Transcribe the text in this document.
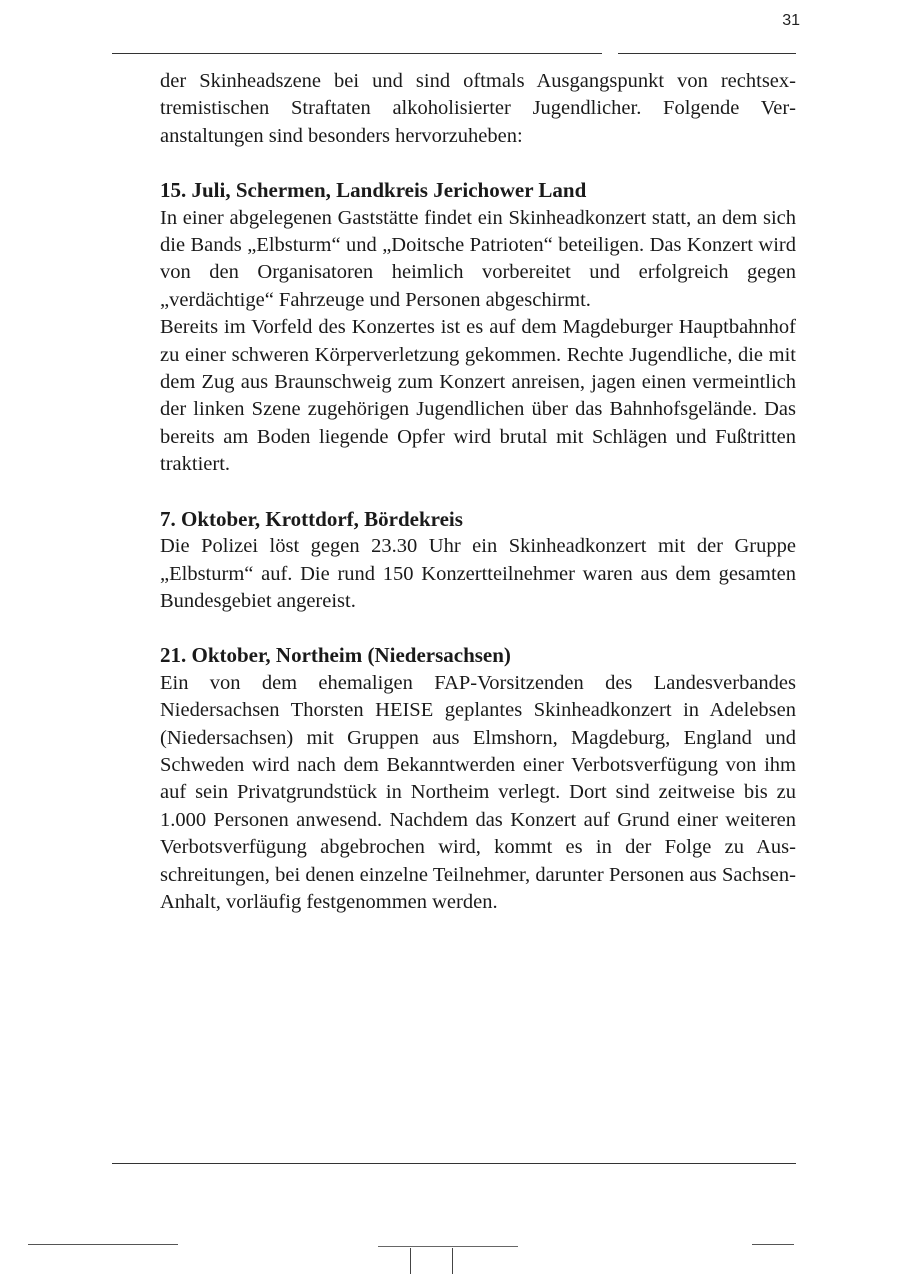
31

der Skinheadszene bei und sind oftmals Ausgangspunkt von rechtsextremistischen Straftaten alkoholisierter Jugendlicher. Folgende Veranstaltungen sind besonders hervorzuheben:

15. Juli, Schermen, Landkreis Jerichower Land

In einer abgelegenen Gaststätte findet ein Skinheadkonzert statt, an dem sich die Bands „Elbsturm“ und „Doitsche Patrioten“ beteiligen. Das Konzert wird von den Organisatoren heimlich vorbereitet und erfolgreich gegen „verdächtige“ Fahrzeuge und Personen abgeschirmt.

Bereits im Vorfeld des Konzertes ist es auf dem Magdeburger Hauptbahnhof zu einer schweren Körperverletzung gekommen. Rechte Jugendliche, die mit dem Zug aus Braunschweig zum Konzert anreisen, jagen einen vermeintlich der linken Szene zugehörigen Jugendlichen über das Bahnhofsgelände. Das bereits am Boden liegende Opfer wird brutal mit Schlägen und Fußtritten traktiert.

7. Oktober, Krottdorf, Bördekreis

Die Polizei löst gegen 23.30 Uhr ein Skinheadkonzert mit der Gruppe „Elbsturm“ auf. Die rund 150 Konzertteilnehmer waren aus dem gesamten Bundesgebiet angereist.

21. Oktober, Northeim (Niedersachsen)

Ein von dem ehemaligen FAP-Vorsitzenden des Landesverbandes Niedersachsen Thorsten HEISE geplantes Skinheadkonzert in Adelebsen (Niedersachsen) mit Gruppen aus Elmshorn, Magdeburg, England und Schweden wird nach dem Bekanntwerden einer Verbotsverfügung von ihm auf sein Privatgrundstück in Northeim verlegt. Dort sind zeitweise bis zu 1.000 Personen anwesend. Nachdem das Konzert auf Grund einer weiteren Verbotsverfügung abgebrochen wird, kommt es in der Folge zu Ausschreitungen, bei denen einzelne Teilnehmer, darunter Personen aus Sachsen-Anhalt, vorläufig festgenommen werden.
